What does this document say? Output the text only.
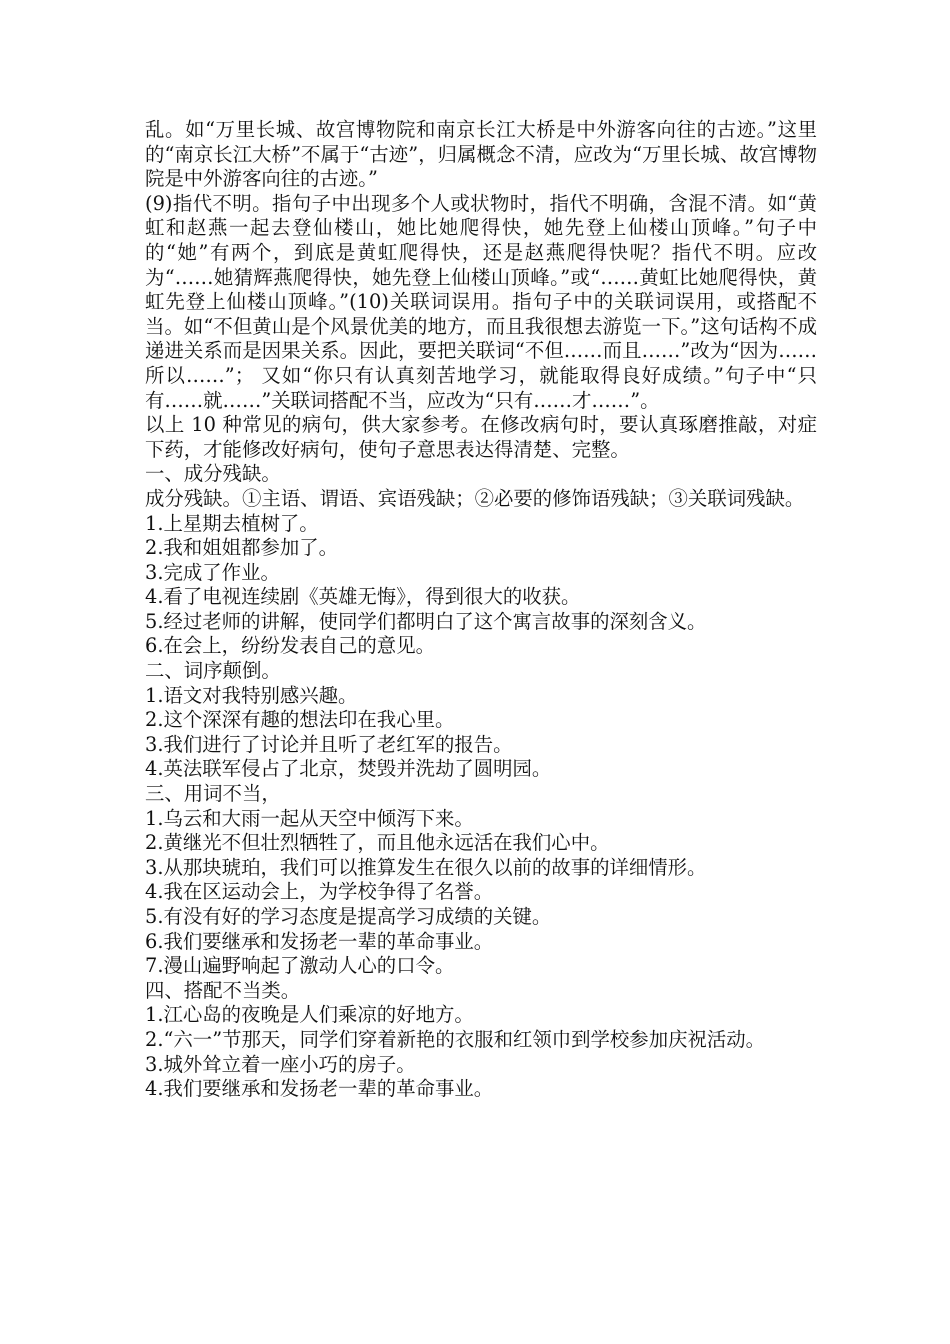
乱。如“万里长城、故宫博物院和南京长江大桥是中外游客向往的古迹。”这里的“南京长江大桥”不属于“古迹”，归属概念不清，应改为“万里长城、故宫博物院是中外游客向往的古迹。”

(9)指代不明。指句子中出现多个人或状物时，指代不明确，含混不清。如“黄虹和赵燕一起去登仙楼山，她比她爬得快，她先登上仙楼山顶峰。”句子中的“她”有两个，到底是黄虹爬得快，还是赵燕爬得快呢？指代不明。应改为“……她猜辉燕爬得快，她先登上仙楼山顶峰。”或“……黄虹比她爬得快，黄虹先登上仙楼山顶峰。”(10)关联词误用。指句子中的关联词误用，或搭配不当。如“不但黄山是个风景优美的地方，而且我很想去游览一下。”这句话构不成递进关系而是因果关系。因此，要把关联词“不但……而且……”改为“因为……所以……”； 又如“你只有认真刻苦地学习，就能取得良好成绩。”句子中“只有……就……”关联词搭配不当，应改为“只有……才……”。

以上 10 种常见的病句，供大家参考。在修改病句时，要认真琢磨推敲，对症下药，才能修改好病句，使句子意思表达得清楚、完整。

一、成分残缺。

成分残缺。①主语、谓语、宾语残缺；②必要的修饰语残缺；③关联词残缺。

1.上星期去植树了。

2.我和姐姐都参加了。

3.完成了作业。

4.看了电视连续剧《英雄无悔》，得到很大的收获。

5.经过老师的讲解，使同学们都明白了这个寓言故事的深刻含义。

6.在会上，纷纷发表自己的意见。

二、词序颠倒。

1.语文对我特别感兴趣。

2.这个深深有趣的想法印在我心里。

3.我们进行了讨论并且听了老红军的报告。

4.英法联军侵占了北京，焚毁并洗劫了圆明园。

三、用词不当，

1.乌云和大雨一起从天空中倾泻下来。

2.黄继光不但壮烈牺牲了，而且他永远活在我们心中。

3.从那块琥珀，我们可以推算发生在很久以前的故事的详细情形。

4.我在区运动会上，为学校争得了名誉。

5.有没有好的学习态度是提高学习成绩的关键。

6.我们要继承和发扬老一辈的革命事业。

7.漫山遍野响起了激动人心的口令。

四、搭配不当类。

1.江心岛的夜晚是人们乘凉的好地方。

2.“六一”节那天，同学们穿着新艳的衣服和红领巾到学校参加庆祝活动。

3.城外耸立着一座小巧的房子。

4.我们要继承和发扬老一辈的革命事业。
